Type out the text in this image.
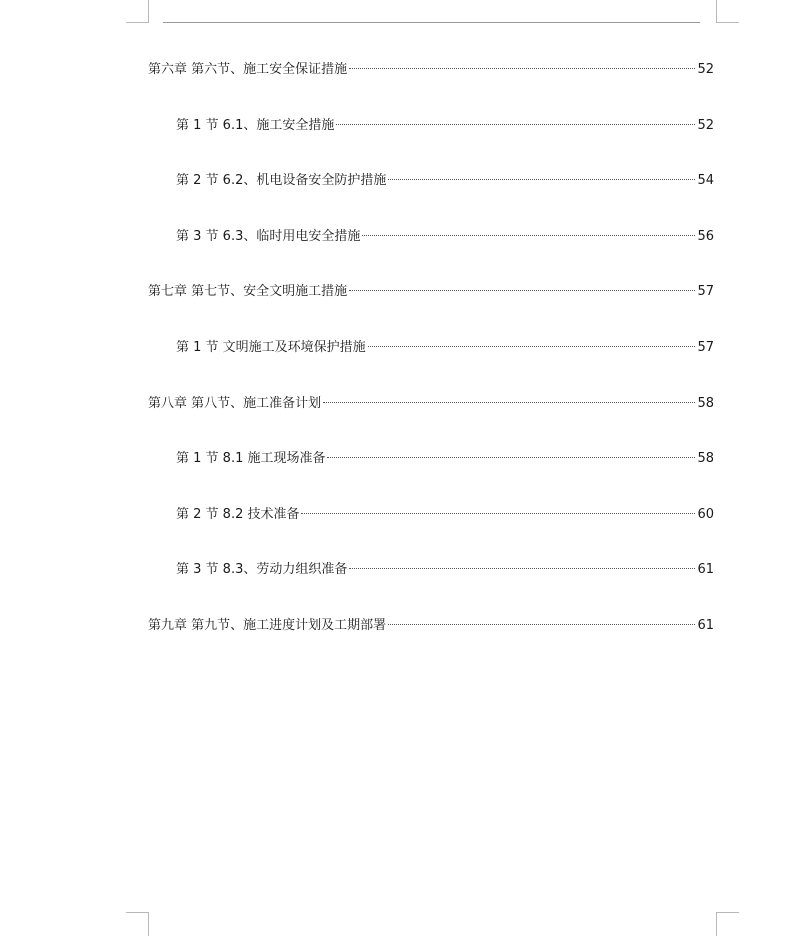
第六章 第六节、施工安全保证措施	52
第 1 节 6.1、施工安全措施	52
第 2 节 6.2、机电设备安全防护措施	54
第 3 节 6.3、临时用电安全措施	56
第七章 第七节、安全文明施工措施	57
第 1 节 文明施工及环境保护措施	57
第八章 第八节、施工准备计划	58
第 1 节 8.1 施工现场准备	58
第 2 节 8.2 技术准备	60
第 3 节 8.3、劳动力组织准备	61
第九章 第九节、施工进度计划及工期部署	61
